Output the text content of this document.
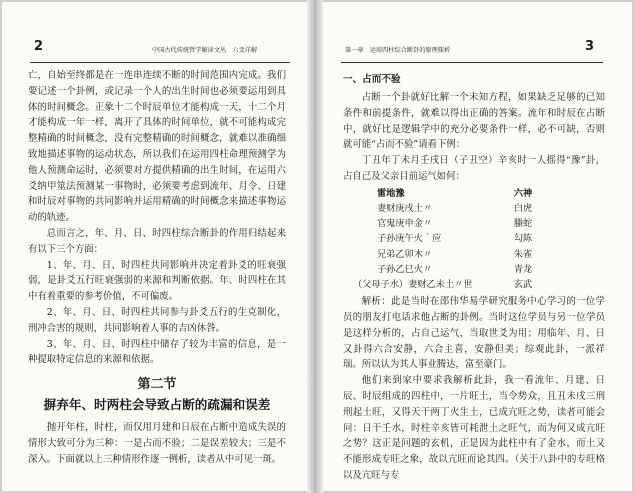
2	中国古代传统哲学解读文丛　六爻详解

亡，自始至终都是在一连串连续不断的时间范围内完成。我们要记述一个卦例，或记录一个人的出生时间也必须要运用到具体的时间概念。正象十二个时辰单位才能构成一天，十二个月才能构成一年一样，离开了具体的时间单位，就不可能构成完整精确的时间概念，没有完整精确的时间概念，就难以准确细致地描述事物的运动状态，所以我们在运用四柱命理预测学为他人预测命运时，必须要对方提供精确的出生时间，在运用六爻纳甲筮法预测某一事物时，必须要考虑到流年、月令、日建和时辰对事物的共同影响并运用精确的时间概念来描述事物运动的轨迹。

总而言之，年、月、日、时四柱综合断卦的作用归结起来有以下三个方面：

1、年、月、日、时四柱共同影响并决定着卦爻的旺衰强弱，是卦爻五行旺衰强弱的来源和判断依据。年、时四柱在其中有着重要的参考价值，不可偏废。

2、年、月、日、时四柱共同参与卦爻五行的生克制化，刑冲合害的规则，共同影响着人事的吉凶休咎。

3、年、月、日、时四柱中储存了较为丰富的信息，是一种提取特定信息的来源和依据。

第二节
摒弃年、时两柱会导致占断的疏漏和误差

抛开年柱，时柱，而仅用月建和日辰在占断中造成失误的情形大致可分为三种：一是占而不验；二是误差较大；三是不深入。下面就以上三种情形作逐一例析，读者从中可见一斑。

第一章　运用四柱综合断卦的原理探析	3
一、占而不验

占断一个卦就好比解一个未知方程，如果缺乏足够的已知条件和前提条件，就难以得出正确的答案。流年和时辰在占断中，就好比是逻辑学中的充分必要条件一样，必不可缺，否则就可能“占而不验”请看下例：

丁丑年丁未月壬戌日（子丑空）辛亥时一人摇得“豫”卦，占自己及父亲目前运气如何：

雷地豫	六神
妻财庚戌土〃	白虎
官鬼庚申金〃	螣蛇
子孙庚午火｀应	勾陈
兄弟乙卯木〃	朱雀
子孙乙巳火〃	青龙
（父母子水）妻财乙未土〃世	玄武

解析：此是当时在邵伟华易学研究服务中心学习的一位学员的朋友打电话求他占断的卦例。当时这位学员与另一位学员是这样分析的，占自己运气，当取世爻为用；用临年、月、日又卦得六合安静，六合主喜，安静但美；综观此卦，一派祥瑞。所以认为其人事业腾达，富至豪门。

他们来到家中要求我解析此卦，我一看流年、月建、日辰、时辰组成的四柱中，一片旺土，当令势众，且丑未戌三刑刑起土旺，又得天干两丁火生土，已成亢旺之势，读者可能会问：日干壬水，时柱辛亥皆可耗泄土之旺气，而为何又成亢旺之势？这正是问题的玄机，正是因为此柱中有了金水，而土又不能形成专旺之象，故以亢旺而论其四。（关于八卦中的专旺格以及亢旺与专
